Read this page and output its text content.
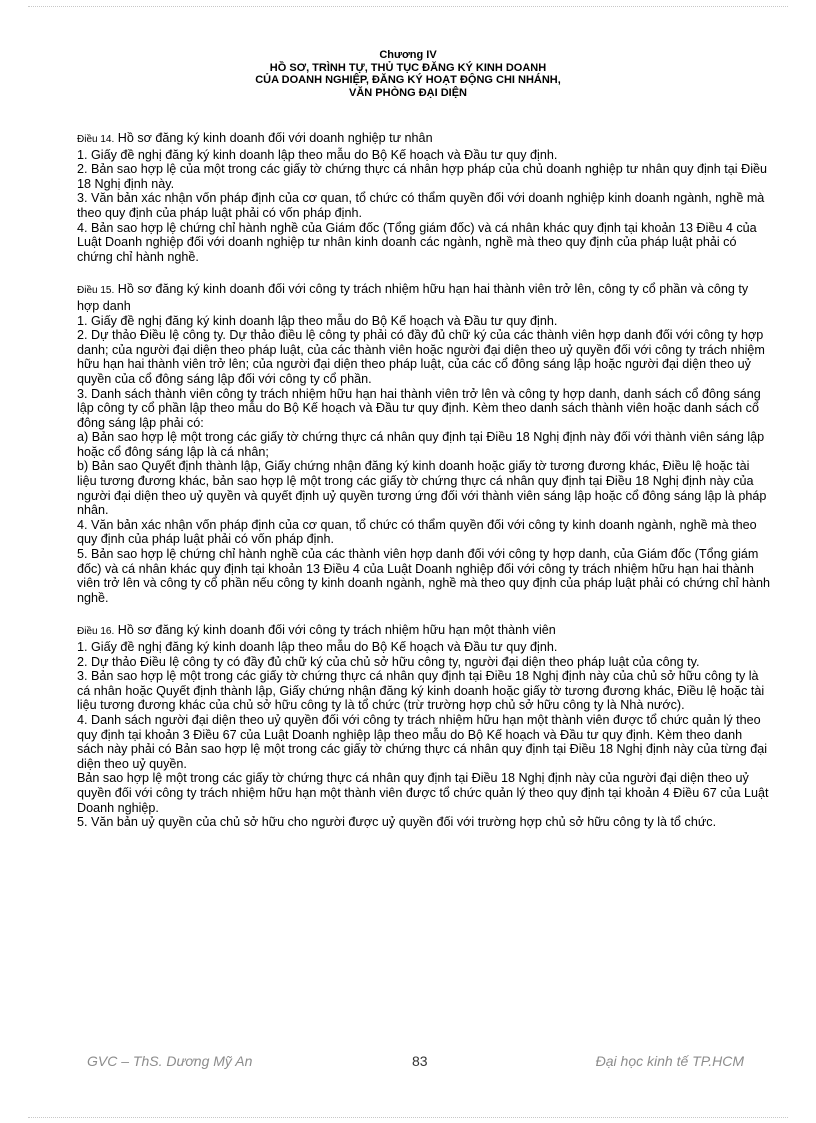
Chương IV
HỒ SƠ, TRÌNH TỰ, THỦ TỤC ĐĂNG KÝ KINH DOANH
CỦA DOANH NGHIỆP, ĐĂNG KÝ HOẠT ĐỘNG CHI NHÁNH,
VĂN PHÒNG ĐẠI DIỆN

Điều 14. Hồ sơ đăng ký kinh doanh đối với doanh nghiệp tư nhân

1. Giấy đề nghị đăng ký kinh doanh lập theo mẫu do Bộ Kế hoạch và Đầu tư quy định.

2. Bản sao hợp lệ của một trong các giấy tờ chứng thực cá nhân hợp pháp của chủ doanh nghiệp tư nhân quy định tại Điều 18 Nghị định này.

3. Văn bản xác nhận vốn pháp định của cơ quan, tổ chức có thẩm quyền đối với doanh nghiệp kinh doanh ngành, nghề mà theo quy định của pháp luật phải có vốn pháp định.

4. Bản sao hợp lệ chứng chỉ hành nghề của Giám đốc (Tổng giám đốc) và cá nhân khác quy định tại khoản 13 Điều 4 của Luật Doanh nghiệp đối với doanh nghiệp tư nhân kinh doanh các ngành, nghề mà theo quy định của pháp luật phải có chứng chỉ hành nghề.

Điều 15. Hồ sơ đăng ký kinh doanh đối với công ty trách nhiệm hữu hạn hai thành viên trở lên, công ty cổ phần và công ty hợp danh

1. Giấy đề nghị đăng ký kinh doanh lập theo mẫu do Bộ Kế hoạch và Đầu tư quy định.

2. Dự thảo Điều lệ công ty. Dự thảo điều lệ công ty phải có đầy đủ chữ ký của các thành viên hợp danh đối với công ty hợp danh; của người đại diện theo pháp luật, của các thành viên hoặc người đại diện theo uỷ quyền đối với công ty trách nhiệm hữu hạn hai thành viên trở lên; của người đại diện theo pháp luật, của các cổ đông sáng lập hoặc người đại diện theo uỷ quyền của cổ đông sáng lập đối với công ty cổ phần.

3. Danh sách thành viên công ty trách nhiệm hữu hạn hai thành viên trở lên và công ty hợp danh, danh sách cổ đông sáng lập công ty cổ phần lập theo mẫu do Bộ Kế hoạch và Đầu tư quy định. Kèm theo danh sách thành viên hoặc danh sách cổ đông sáng lập phải có:

a) Bản sao hợp lệ một trong các giấy tờ chứng thực cá nhân quy định tại Điều 18 Nghị định này đối với thành viên sáng lập hoặc cổ đông sáng lập là cá nhân;

b) Bản sao Quyết định thành lập, Giấy chứng nhận đăng ký kinh doanh hoặc giấy tờ tương đương khác, Điều lệ hoặc tài liệu tương đương khác, bản sao hợp lệ một trong các giấy tờ chứng thực cá nhân quy định tại Điều 18 Nghị định này của người đại diện theo uỷ quyền và quyết định uỷ quyền tương ứng đối với thành viên sáng lập hoặc cổ đông sáng lập là pháp nhân.

4. Văn bản xác nhận vốn pháp định của cơ quan, tổ chức có thẩm quyền đối với công ty kinh doanh ngành, nghề mà theo quy định của pháp luật phải có vốn pháp định.

5. Bản sao hợp lệ chứng chỉ hành nghề của các thành viên hợp danh đối với công ty hợp danh, của Giám đốc (Tổng giám đốc) và cá nhân khác quy định tại khoản 13 Điều 4 của Luật Doanh nghiệp đối với công ty trách nhiệm hữu hạn hai thành viên trở lên và công ty cổ phần nếu công ty kinh doanh ngành, nghề mà theo quy định của pháp luật phải có chứng chỉ hành nghề.

Điều 16. Hồ sơ đăng ký kinh doanh đối với công ty trách nhiệm hữu hạn một thành viên

1. Giấy đề nghị đăng ký kinh doanh lập theo mẫu do Bộ Kế hoạch và Đầu tư quy định.

2. Dự thảo Điều lệ công ty có đầy đủ chữ ký của chủ sở hữu công ty, người đại diện theo pháp luật của công ty.

3. Bản sao hợp lệ một trong các giấy tờ chứng thực cá nhân quy định tại Điều 18 Nghị định này của chủ sở hữu công ty là cá nhân hoặc Quyết định thành lập, Giấy chứng nhận đăng ký kinh doanh hoặc giấy tờ tương đương khác, Điều lệ hoặc tài liệu tương đương khác của chủ sở hữu công ty là tổ chức (trừ trường hợp chủ sở hữu công ty là Nhà nước).

4. Danh sách người đại diện theo uỷ quyền đối với công ty trách nhiệm hữu hạn một thành viên được tổ chức quản lý theo quy định tại khoản 3 Điều 67 của Luật Doanh nghiệp lập theo mẫu do Bộ Kế hoạch và Đầu tư quy định. Kèm theo danh sách này phải có Bản sao hợp lệ một trong các giấy tờ chứng thực cá nhân quy định tại Điều 18 Nghị định này của từng đại diện theo uỷ quyền.

Bản sao hợp lệ một trong các giấy tờ chứng thực cá nhân quy định tại Điều 18 Nghị định này của người đại diện theo uỷ quyền đối với công ty trách nhiệm hữu hạn một thành viên được tổ chức quản lý theo quy định tại khoản 4 Điều 67 của Luật Doanh nghiệp.

5. Văn bản uỷ quyền của chủ sở hữu cho người được uỷ quyền đối với trường hợp chủ sở hữu công ty là tổ chức.

GVC – ThS. Dương Mỹ An	83	Đại học kinh tế TP.HCM
